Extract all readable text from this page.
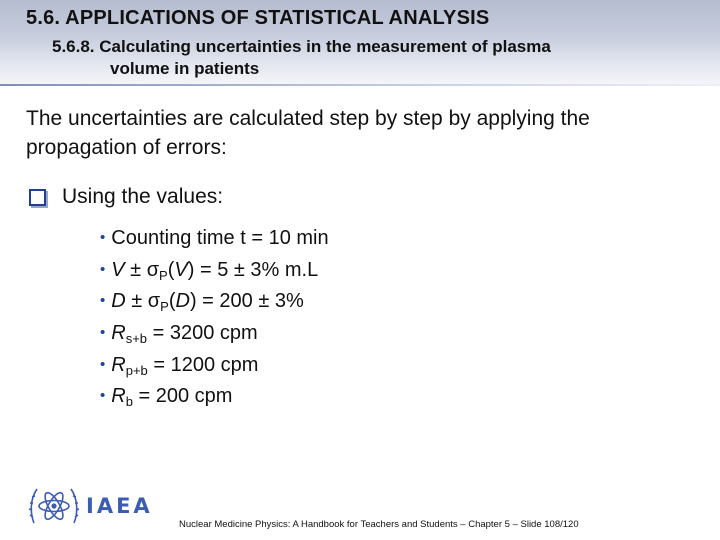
5.6. APPLICATIONS OF STATISTICAL ANALYSIS
5.6.8. Calculating uncertainties in the measurement of plasma
volume in patients

The uncertainties are calculated step by step by applying the propagation of errors:

Using the values:
• Counting time t = 10 min
• $V \pm \sigma_P(V) = 5 \pm 3\%$ m.L
• $D \pm \sigma_P(D) = 200 \pm 3\%$
• $R_{s+b} = 3200$ cpm
• $R_{p+b} = 1200$ cpm
• $R_b = 200$ cpm
IAEA
Nuclear Medicine Physics: A Handbook for Teachers and Students – Chapter 5 – Slide 108/120
